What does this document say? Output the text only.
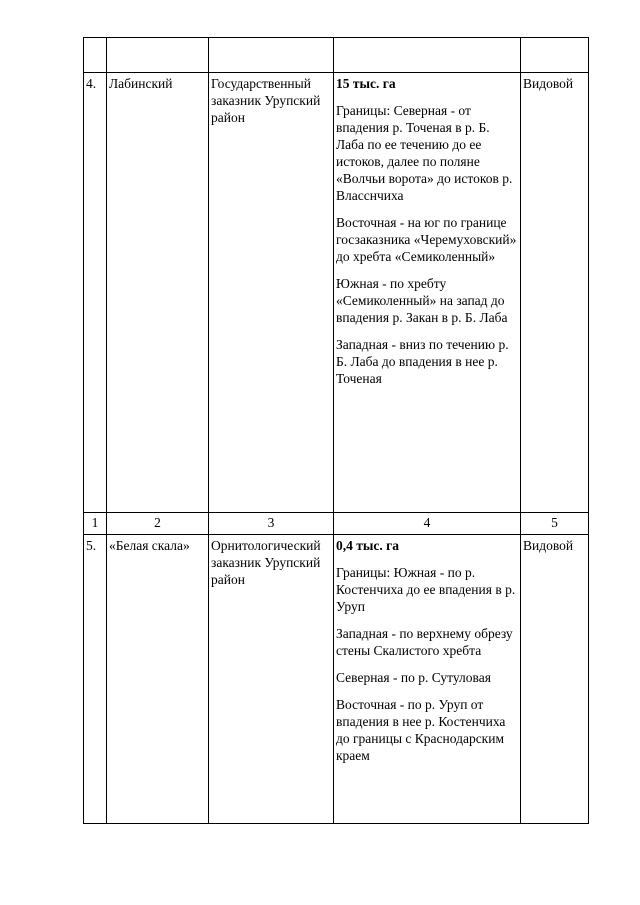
4.	Лабинский	Государственный заказник Урупский район	15 тыс. га
Границы: Северная - от впадения р. Точеная в р. Б. Лаба по ее течению до ее истоков, далее по поляне «Волчьи ворота» до истоков р. Власснчиха
Восточная - на юг по границе госзаказника «Черемуховский» до хребта «Семиколенный»
Южная - по хребту «Семиколенный» на запад до впадения р. Закан в р. Б. Лаба
Западная - вниз по течению р. Б. Лаба до впадения в нее р. Точеная	Видовой
1	2	3	4	5
5.	«Белая скала»	Орнитологический заказник Урупский район	0,4 тыс. га
Границы: Южная - по р. Костенчиха до ее впадения в р. Уруп
Западная - по верхнему обрезу стены Скалистого хребта
Северная - по р. Сутуловая
Восточная - по р. Уруп от впадения в нее р. Костенчиха до границы с Краснодарским краем	Видовой
